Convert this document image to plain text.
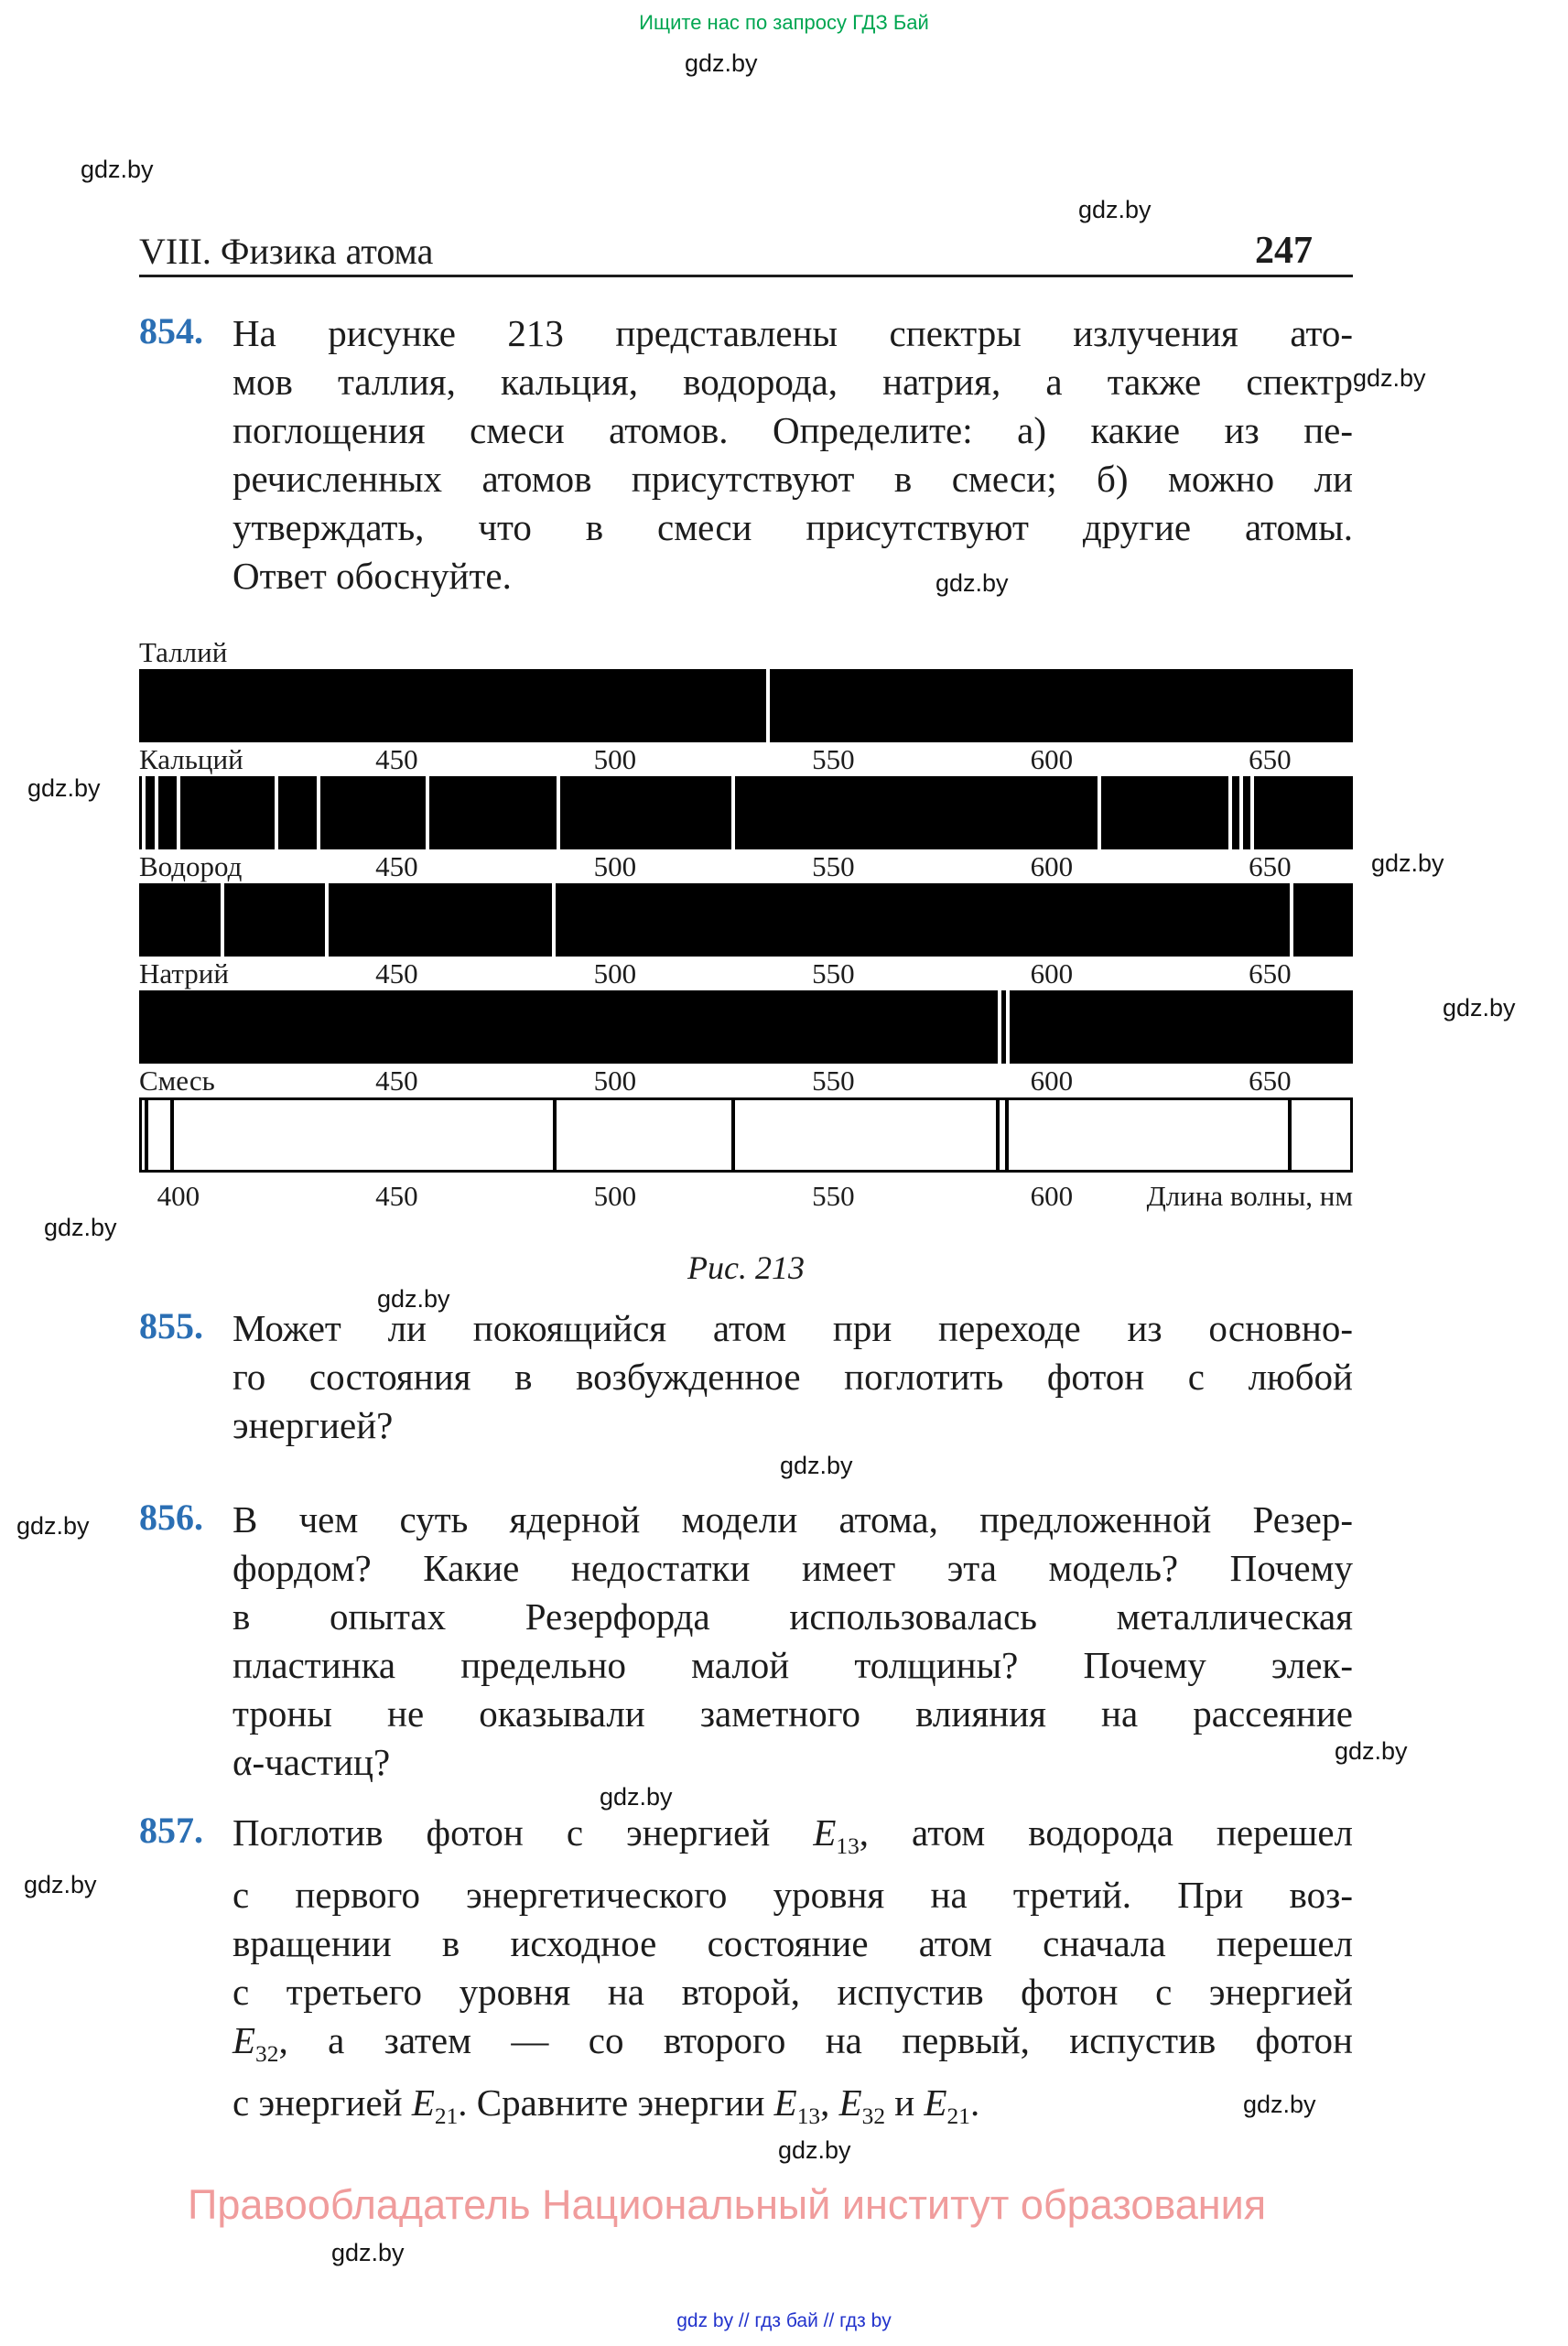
Ищите нас по запросу ГДЗ Бай
gdz.by
gdz.by
gdz.by
gdz.by
gdz.by
gdz.by
gdz.by
gdz.by
gdz.by
gdz.by
gdz.by
gdz.by
gdz.by
gdz.by
gdz.by
gdz.by
gdz.by
gdz.by
VIII. Физика атома	247
854. На рисунке 213 представлены спектры излучения ато-
мов таллия, кальция, водорода, натрия, а также спектр
поглощения смеси атомов. Определите: а) какие из пе-
речисленных атомов присутствуют в смеси; б) можно ли
утверждать, что в смеси присутствуют другие атомы.
Ответ обоснуйте.
Таллий
Кальций	450	500	550	600	650
Водород	450	500	550	600	650
Натрий	450	500	550	600	650
Смесь	450	500	550	600	650
Длина волны, нм
400	450	500	550	600
Рис. 213
855. Может ли покоящийся атом при переходе из основно-
го состояния в возбужденное поглотить фотон с любой
энергией?
856. В чем суть ядерной модели атома, предложенной Резер-
фордом? Какие недостатки имеет эта модель? Почему
в опытах Резерфорда использовалась металлическая
пластинка предельно малой толщины? Почему элек-
троны не оказывали заметного влияния на рассеяние
α-частиц?
857. Поглотив фотон с энергией $E_{13}$, атом водорода перешел
с первого энергетического уровня на третий. При воз-
вращении в исходное состояние атом сначала перешел
с третьего уровня на второй, испустив фотон с энергией
$E_{32}$, а затем — со второго на первый, испустив фотон
с энергией $E_{21}$. Сравните энергии $E_{13}$, $E_{32}$ и $E_{21}$.
Правообладатель Национальный институт образования
gdz by // гдз бай // гдз by
